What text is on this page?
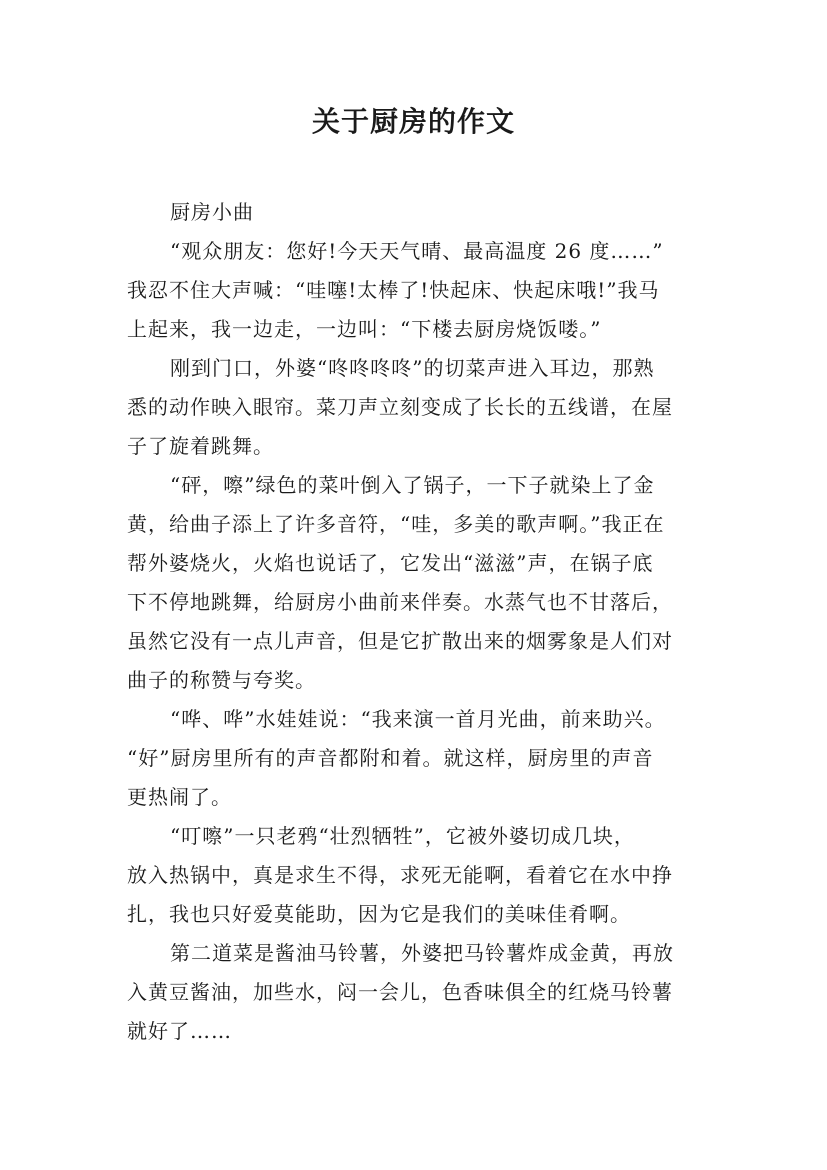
关于厨房的作文
厨房小曲
“观众朋友：您好!今天天气晴、最高温度 26 度……”
我忍不住大声喊：“哇噻!太棒了!快起床、快起床哦!”我马
上起来，我一边走，一边叫：“下楼去厨房烧饭喽。”
刚到门口，外婆“咚咚咚咚”的切菜声进入耳边，那熟
悉的动作映入眼帘。菜刀声立刻变成了长长的五线谱，在屋
子了旋着跳舞。
“砰，嚓”绿色的菜叶倒入了锅子，一下子就染上了金
黄，给曲子添上了许多音符，“哇，多美的歌声啊。”我正在
帮外婆烧火，火焰也说话了，它发出“滋滋”声，在锅子底
下不停地跳舞，给厨房小曲前来伴奏。水蒸气也不甘落后，
虽然它没有一点儿声音，但是它扩散出来的烟雾象是人们对
曲子的称赞与夸奖。
“哗、哗”水娃娃说：“我来演一首月光曲，前来助兴。
“好”厨房里所有的声音都附和着。就这样，厨房里的声音
更热闹了。
“叮嚓”一只老鸦“壮烈牺牲”，它被外婆切成几块，
放入热锅中，真是求生不得，求死无能啊，看着它在水中挣
扎，我也只好爱莫能助，因为它是我们的美味佳肴啊。
第二道菜是酱油马铃薯，外婆把马铃薯炸成金黄，再放
入黄豆酱油，加些水，闷一会儿，色香味俱全的红烧马铃薯
就好了……
